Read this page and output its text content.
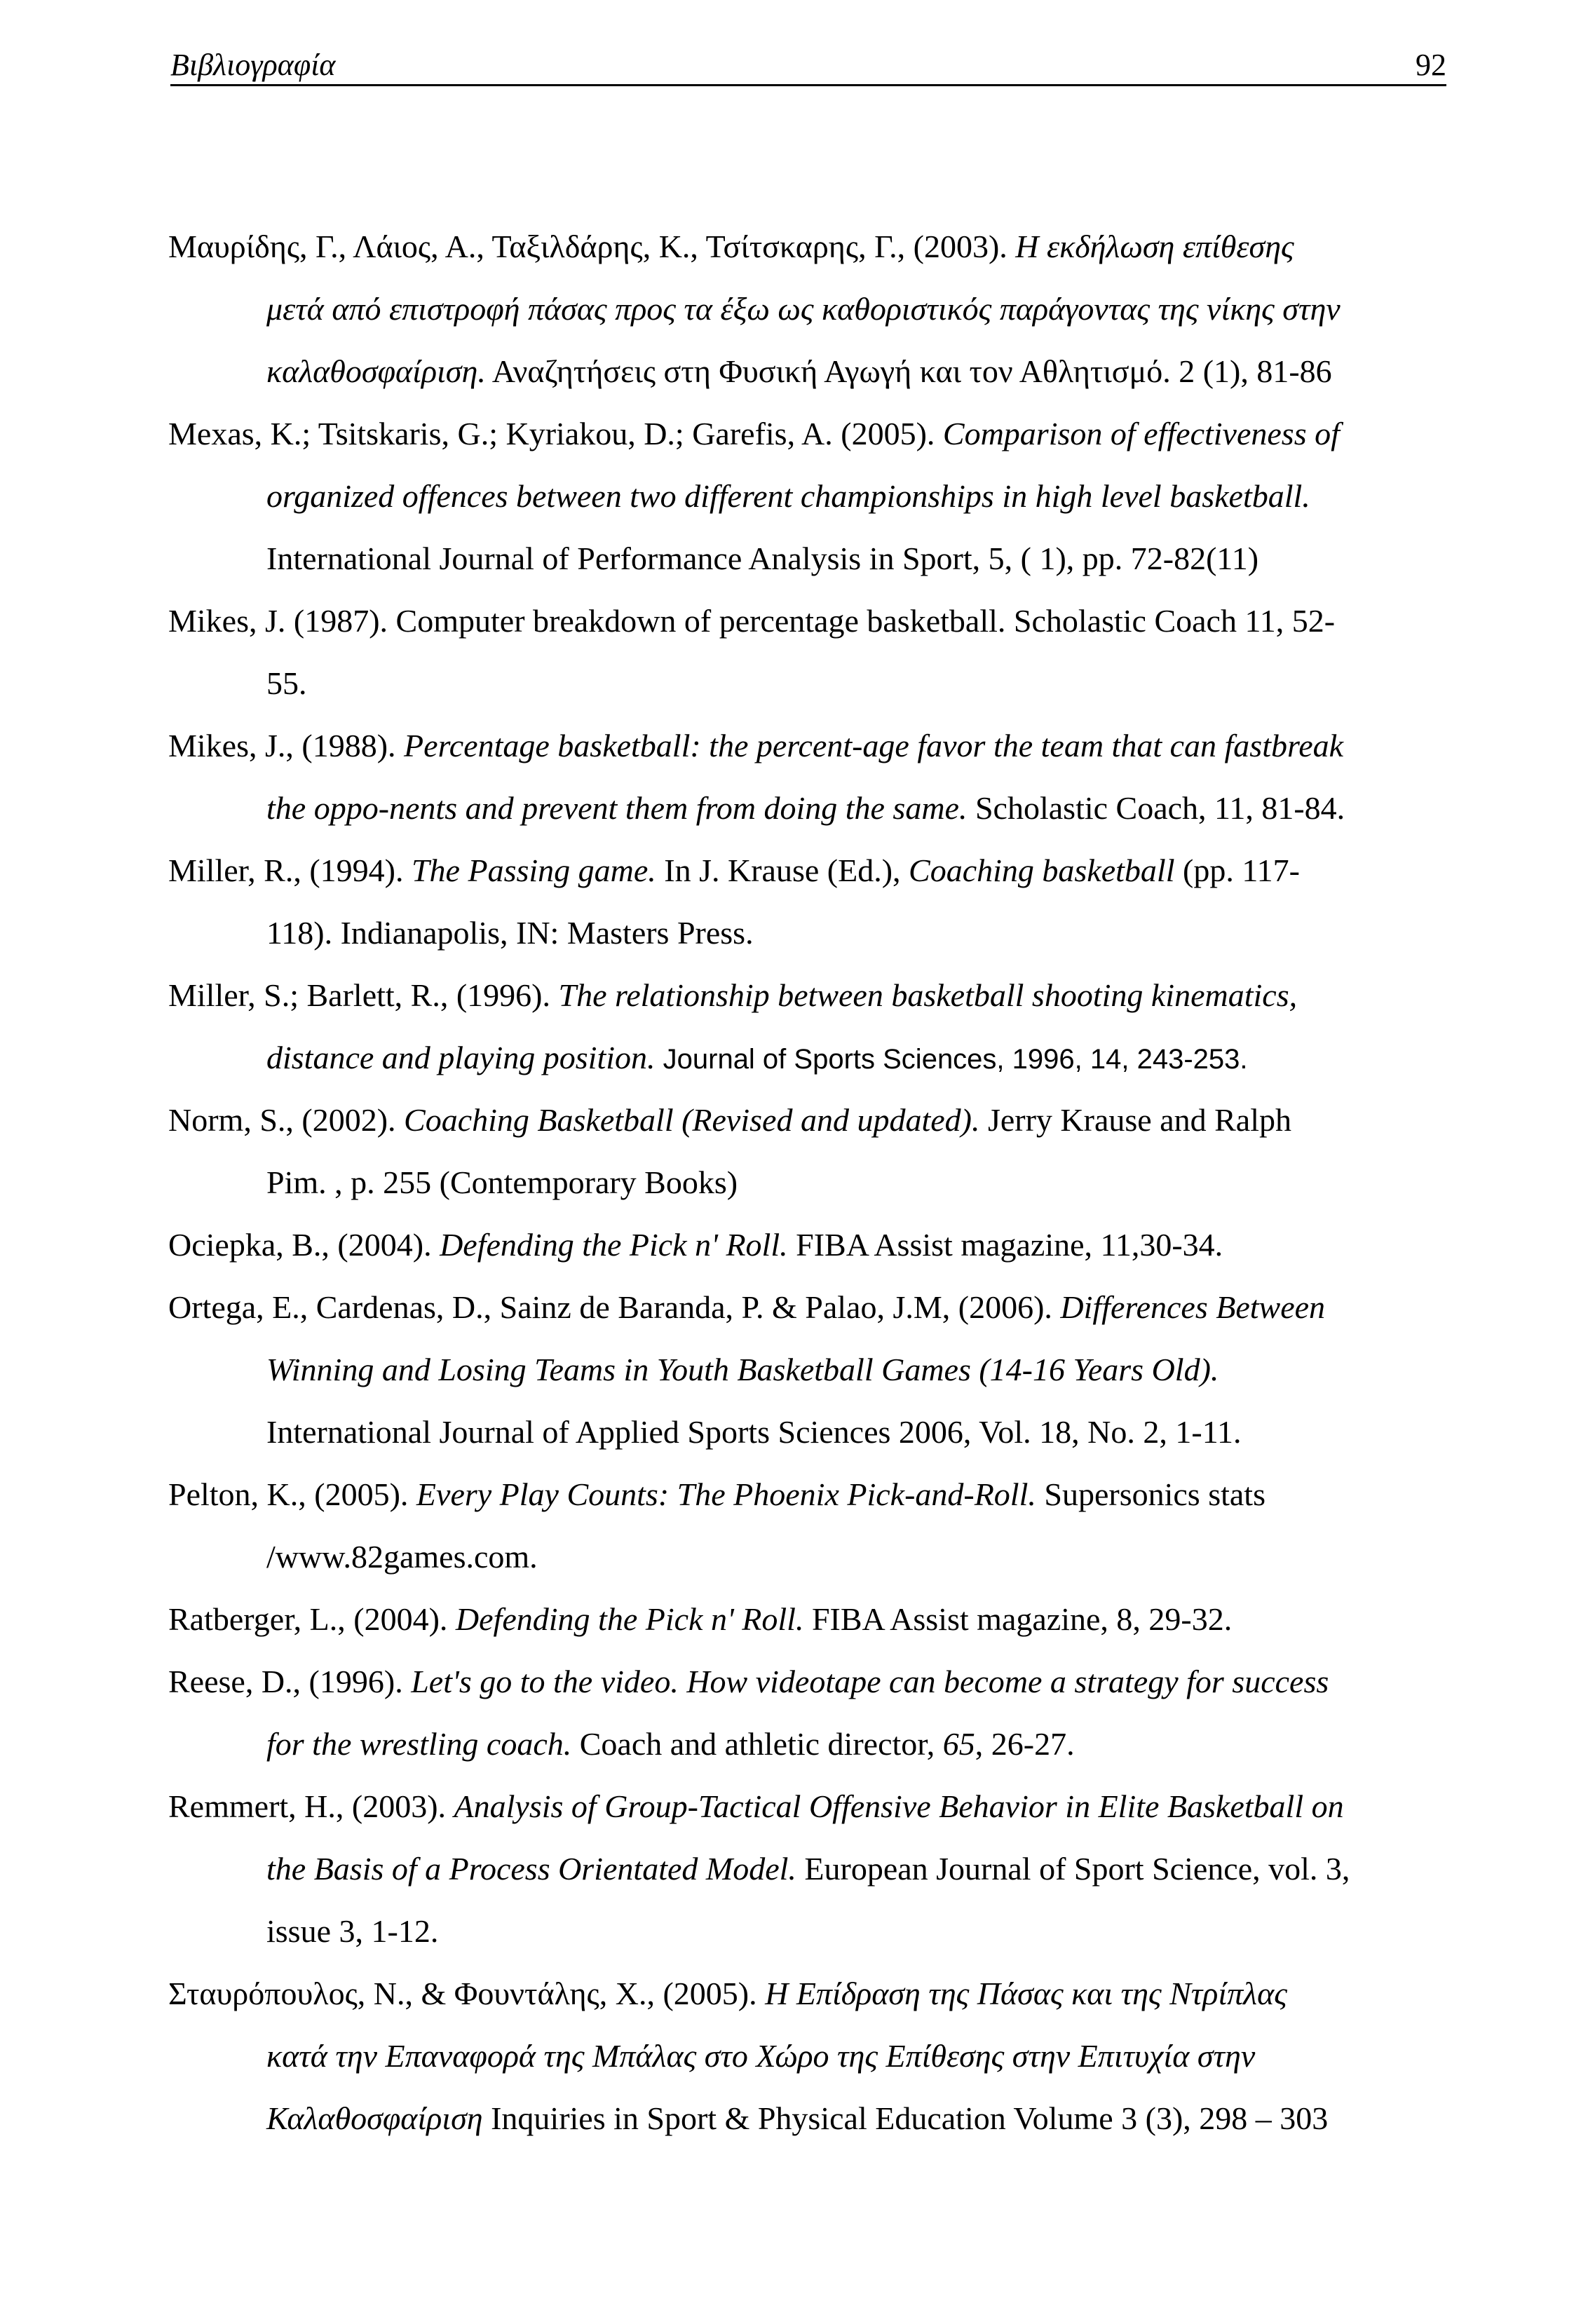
Βιβλιογραφία	92
Μαυρίδης, Γ., Λάιος, Α., Ταξιλδάρης, Κ., Τσίτσκαρης, Γ., (2003). Η εκδήλωση επίθεσης
μετά από επιστροφή πάσας προς τα έξω ως καθοριστικός παράγοντας της νίκης στην
καλαθοσφαίριση. Αναζητήσεις στη Φυσική Αγωγή και τον Αθλητισμό. 2 (1), 81-86
Mexas, K.; Tsitskaris, G.; Kyriakou, D.; Garefis, A. (2005). Comparison of effectiveness of
organized offences between two different championships in high level basketball.
International Journal of Performance Analysis in Sport, 5, ( 1), pp. 72-82(11)
Mikes, J. (1987). Computer breakdown of percentage basketball. Scholastic Coach 11, 52-
55.
Mikes, J., (1988). Percentage basketball: the percent-age favor the team that can fastbreak
the oppo-nents and prevent them from doing the same. Scholastic Coach, 11, 81-84.
Miller, R., (1994). The Passing game. In J. Krause (Ed.), Coaching basketball (pp. 117-
118). Indianapolis, IN: Masters Press.
Miller, S.; Barlett, R., (1996). The relationship between basketball shooting kinematics,
distance and playing position. Journal of Sports Sciences, 1996, 14, 243-253.
Norm, S., (2002). Coaching Basketball (Revised and updated). Jerry Krause and Ralph
Pim. , p. 255 (Contemporary Books)
Ociepka, B., (2004). Defending the Pick n' Roll. FIBA Assist magazine, 11,30-34.
Ortega, E., Cardenas, D., Sainz de Baranda, P. & Palao, J.M, (2006). Differences Between
Winning and Losing Teams in Youth Basketball Games (14-16 Years Old).
International Journal of Applied Sports Sciences 2006, Vol. 18, No. 2, 1-11.
Pelton, K., (2005). Every Play Counts: The Phoenix Pick-and-Roll. Supersonics stats
/www.82games.com.
Ratberger, L., (2004). Defending the Pick n' Roll. FIBA Assist magazine, 8, 29-32.
Reese, D., (1996). Let's go to the video. How videotape can become a strategy for success
for the wrestling coach. Coach and athletic director, 65, 26-27.
Remmert, H., (2003). Analysis of Group-Tactical Offensive Behavior in Elite Basketball on
the Basis of a Process Orientated Model. European Journal of Sport Science, vol. 3,
issue 3, 1-12.
Σταυρόπουλος, Ν., & Φουντάλης, Χ., (2005). Η Επίδραση της Πάσας και της Ντρίπλας
κατά την Επαναφορά της Μπάλας στο Χώρο της Επίθεσης στην Επιτυχία στην
Καλαθοσφαίριση Inquiries in Sport & Physical Education Volume 3 (3), 298 – 303
